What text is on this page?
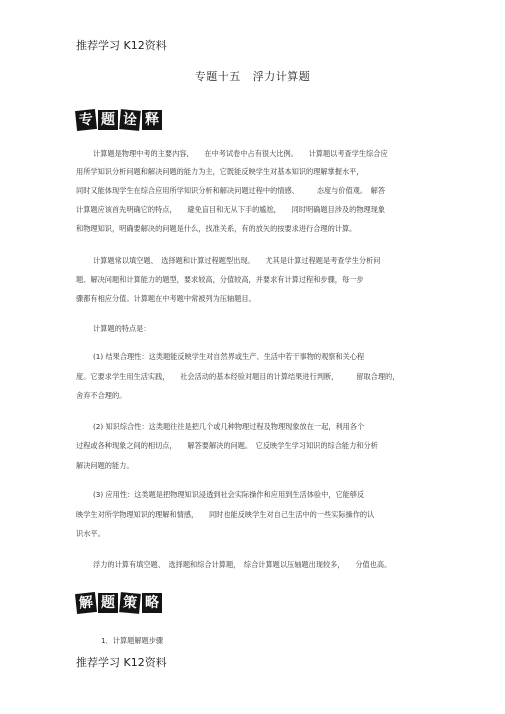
推荐学习 K12资料
专题十五 浮力计算题
专 题 诠 释
计算题是物理中考的主要内容，　　在中考试卷中占有很大比例。　　计算题以考查学生综合应
用所学知识分析问题和解决问题的能力为主，它既能反映学生对基本知识的理解掌握水平，
同时又能体现学生在综合应用所学知识分析和解决问题过程中的情感、　　　态度与价值观。　解答
计算题应该首先明确它的特点，　　避免盲目和无从下手的尴尬，　　同时明确题目涉及的物理现象
和物理知识，明确要解决的问题是什么，找准关系，有的放矢的按要求进行合理的计算。
计算题常以填空题、　选择题和计算过程题型出现。　　尤其是计算过程题是考查学生分析问
题、解决问题和计算能力的题型，要求较高，分值较高，并要求有计算过程和步骤，每一步
骤都有相应分值。计算题在中考题中常被列为压轴题目。
计算题的特点是：
(1) 结果合理性：这类题能反映学生对自然界或生产、生活中若干事物的观察和关心程
度。它要求学生用生活实践，　　社会活动的基本经验对题目的计算结果进行判断，　　　留取合理的，
舍弃不合理的。
(2) 知识综合性：这类题往往是把几个或几种物理过程及物理现象放在一起，利用各个
过程或各种现象之间的相切点，　　解答要解决的问题。　它反映学生学习知识的综合能力和分析
解决问题的能力。
(3) 应用性：这类题是把物理知识浸透到社会实际操作和应用到生活体验中，它能够反
映学生对所学物理知识的理解和情感，　　同时也能反映学生对自己生活中的一些实际操作的认
识水平。
浮力的计算有填空题、　选择题和综合计算题，　综合计算题以压轴题出现较多，　　分值也高。
解 题 策 略
1．计算题解题步骤
推荐学习 K12资料
